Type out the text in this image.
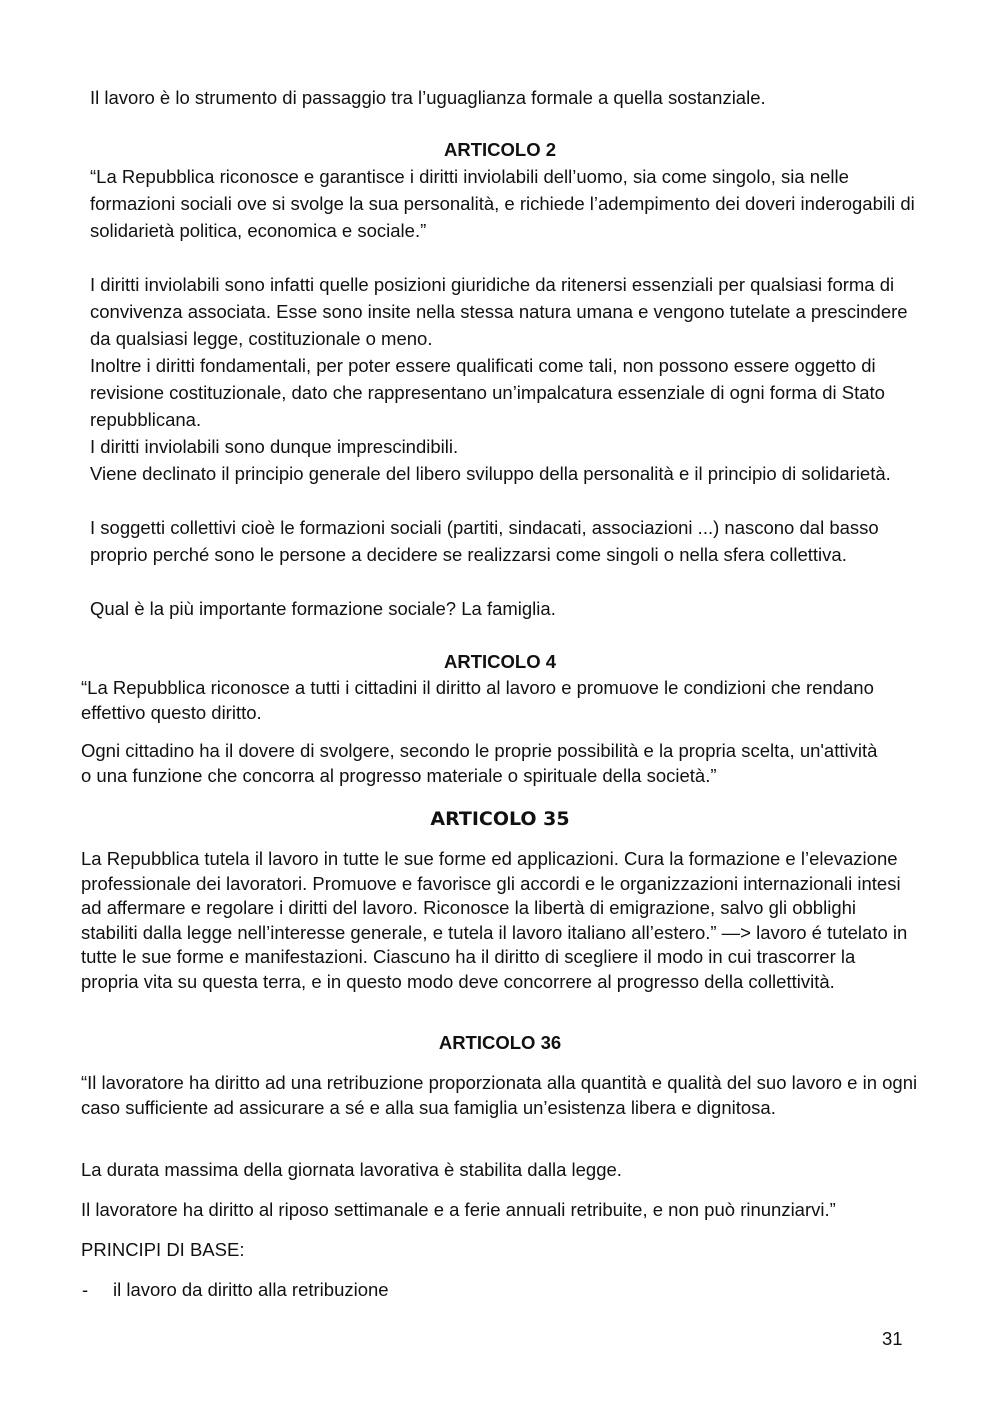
Il lavoro è lo strumento di passaggio tra l’uguaglianza formale a quella sostanziale.

ARTICOLO 2

“La Repubblica riconosce e garantisce i diritti inviolabili dell’uomo, sia come singolo, sia nelle formazioni sociali ove si svolge la sua personalità, e richiede l’adempimento dei doveri inderogabili di solidarietà politica, economica e sociale.”

I diritti inviolabili sono infatti quelle posizioni giuridiche da ritenersi essenziali per qualsiasi forma di convivenza associata. Esse sono insite nella stessa natura umana e vengono tutelate a prescindere da qualsiasi legge, costituzionale o meno.

Inoltre i diritti fondamentali, per poter essere qualificati come tali, non possono essere oggetto di revisione costituzionale, dato che rappresentano un’impalcatura essenziale di ogni forma di Stato repubblicana.

I diritti inviolabili sono dunque imprescindibili.

Viene declinato il principio generale del libero sviluppo della personalità e il principio di solidarietà.

I soggetti collettivi cioè le formazioni sociali (partiti, sindacati, associazioni ...) nascono dal basso proprio perché sono le persone a decidere se realizzarsi come singoli o nella sfera collettiva.

Qual è la più importante formazione sociale? La famiglia.

ARTICOLO 4

“La Repubblica riconosce a tutti i cittadini il diritto al lavoro e promuove le condizioni che rendano effettivo questo diritto.

Ogni cittadino ha il dovere di svolgere, secondo le proprie possibilità e la propria scelta, un'attività o una funzione che concorra al progresso materiale o spirituale della società.”

ARTICOLO 35

La Repubblica tutela il lavoro in tutte le sue forme ed applicazioni. Cura la formazione e l’elevazione professionale dei lavoratori. Promuove e favorisce gli accordi e le organizzazioni internazionali intesi ad affermare e regolare i diritti del lavoro. Riconosce la libertà di emigrazione, salvo gli obblighi stabiliti dalla legge nell’interesse generale, e tutela il lavoro italiano all’estero.” —> lavoro é tutelato in tutte le sue forme e manifestazioni. Ciascuno ha il diritto di scegliere il modo in cui trascorrer la propria vita su questa terra, e in questo modo deve concorrere al progresso della collettività.

ARTICOLO 36

“Il lavoratore ha diritto ad una retribuzione proporzionata alla quantità e qualità del suo lavoro e in ogni caso sufficiente ad assicurare a sé e alla sua famiglia un’esistenza libera e dignitosa.

La durata massima della giornata lavorativa è stabilita dalla legge.

Il lavoratore ha diritto al riposo settimanale e a ferie annuali retribuite, e non può rinunziarvi.”

PRINCIPI DI BASE:

- il lavoro da diritto alla retribuzione
31
